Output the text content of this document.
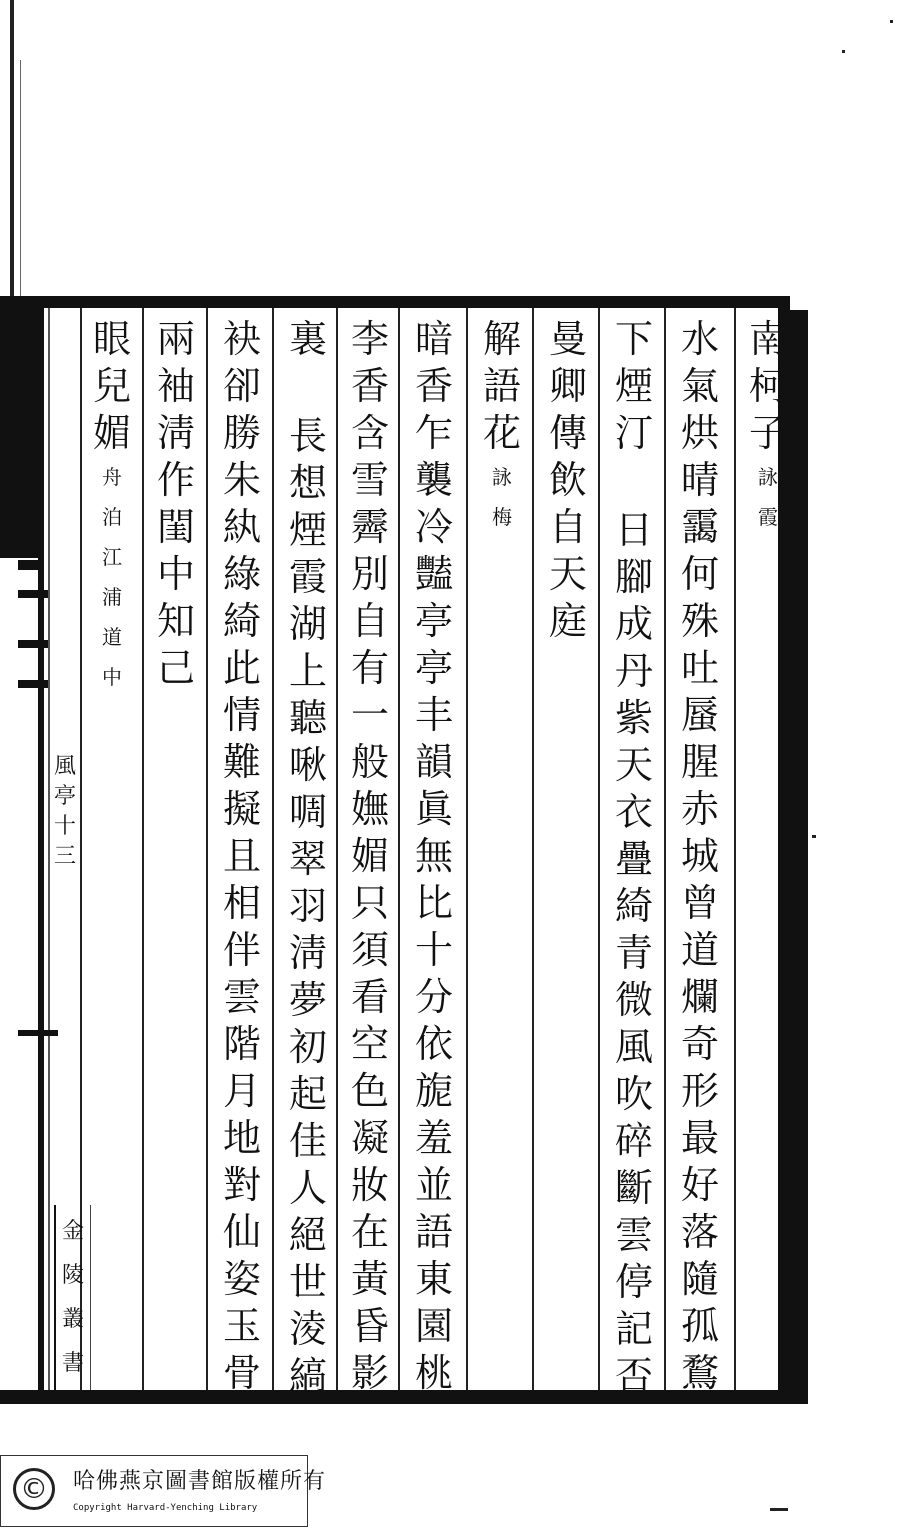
南
柯
子
詠
霞
水
氣
烘
晴
靄
何
殊
吐
蜃
腥
赤
城
曾
道
爛
奇
形
最
好
落
隨
孤
鶩
下
煙
汀
日
腳
成
丹
紫
天
衣
疊
綺
青
微
風
吹
碎
斷
雲
停
記
否
曼
卿
傳
飲
自
天
庭
解
語
花
詠
梅
暗
香
乍
襲
冷
豔
亭
亭
丰
韻
眞
無
比
十
分
依
旎
羞
並
語
東
園
桃
李
香
含
雪
霽
別
自
有
一
般
嫵
媚
只
須
看
空
色
凝
妝
在
黃
昏
影
裏
長
想
煙
霞
湖
上
聽
啾
啁
翠
羽
淸
夢
初
起
佳
人
絕
世
淩
縞
袂
卻
勝
朱
紈
綠
綺
此
情
難
擬
且
相
伴
雲
階
月
地
對
仙
姿
玉
骨
兩
袖
淸
作
閨
中
知
己
眼
兒
媚
舟
泊
江
浦
道
中
風
亭
十
三
金
陵
叢
書
©	哈佛燕京圖書館版權所有
Copyright Harvard-Yenching Library
